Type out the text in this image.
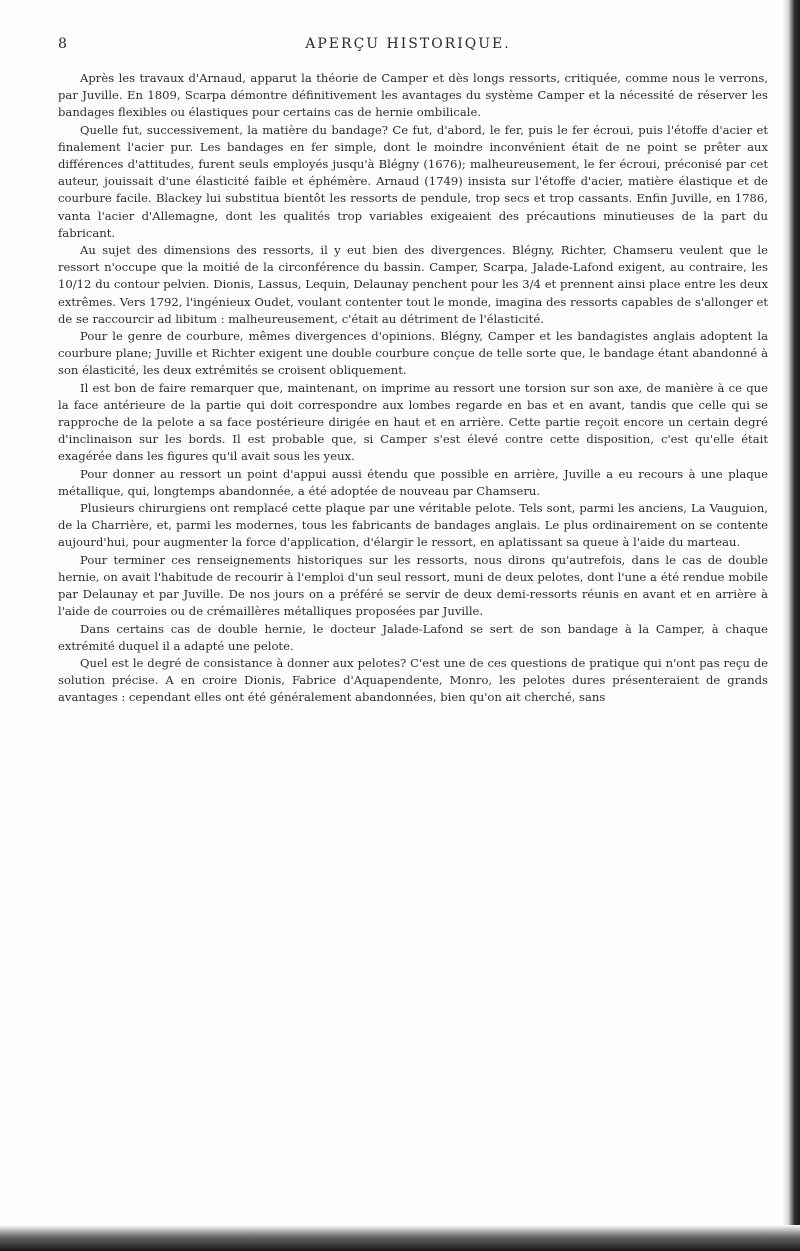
8	APERÇU HISTORIQUE.

Après les travaux d'Arnaud, apparut la théorie de Camper et dès longs ressorts, critiquée, comme nous le verrons, par Juville. En 1809, Scarpa démontre définitivement les avantages du système Camper et la nécessité de réserver les bandages flexibles ou élastiques pour certains cas de hernie ombilicale.

Quelle fut, successivement, la matière du bandage? Ce fut, d'abord, le fer, puis le fer écroui, puis l'étoffe d'acier et finalement l'acier pur. Les bandages en fer simple, dont le moindre inconvénient était de ne point se prêter aux différences d'attitudes, furent seuls employés jusqu'à Blégny (1676); malheureusement, le fer écroui, préconisé par cet auteur, jouissait d'une élasticité faible et éphémère. Arnaud (1749) insista sur l'étoffe d'acier, matière élastique et de courbure facile. Blackey lui substitua bientôt les ressorts de pendule, trop secs et trop cassants. Enfin Juville, en 1786, vanta l'acier d'Allemagne, dont les qualités trop variables exigeaient des précautions minutieuses de la part du fabricant.

Au sujet des dimensions des ressorts, il y eut bien des divergences. Blégny, Richter, Chamseru veulent que le ressort n'occupe que la moitié de la circonférence du bassin. Camper, Scarpa, Jalade-Lafond exigent, au contraire, les 10/12 du contour pelvien. Dionis, Lassus, Lequin, Delaunay penchent pour les 3/4 et prennent ainsi place entre les deux extrêmes. Vers 1792, l'ingénieux Oudet, voulant contenter tout le monde, imagina des ressorts capables de s'allonger et de se raccourcir ad libitum : malheureusement, c'était au détriment de l'élasticité.

Pour le genre de courbure, mêmes divergences d'opinions. Blégny, Camper et les bandagistes anglais adoptent la courbure plane; Juville et Richter exigent une double courbure conçue de telle sorte que, le bandage étant abandonné à son élasticité, les deux extrémités se croisent obliquement.

Il est bon de faire remarquer que, maintenant, on imprime au ressort une torsion sur son axe, de manière à ce que la face antérieure de la partie qui doit correspondre aux lombes regarde en bas et en avant, tandis que celle qui se rapproche de la pelote a sa face postérieure dirigée en haut et en arrière. Cette partie reçoit encore un certain degré d'inclinaison sur les bords. Il est probable que, si Camper s'est élevé contre cette disposition, c'est qu'elle était exagérée dans les figures qu'il avait sous les yeux.

Pour donner au ressort un point d'appui aussi étendu que possible en arrière, Juville a eu recours à une plaque métallique, qui, longtemps abandonnée, a été adoptée de nouveau par Chamseru.

Plusieurs chirurgiens ont remplacé cette plaque par une véritable pelote. Tels sont, parmi les anciens, La Vauguion, de la Charrière, et, parmi les modernes, tous les fabricants de bandages anglais. Le plus ordinairement on se contente aujourd'hui, pour augmenter la force d'application, d'élargir le ressort, en aplatissant sa queue à l'aide du marteau.

Pour terminer ces renseignements historiques sur les ressorts, nous dirons qu'autrefois, dans le cas de double hernie, on avait l'habitude de recourir à l'emploi d'un seul ressort, muni de deux pelotes, dont l'une a été rendue mobile par Delaunay et par Juville. De nos jours on a préféré se servir de deux demi-ressorts réunis en avant et en arrière à l'aide de courroies ou de crémaillères métalliques proposées par Juville.

Dans certains cas de double hernie, le docteur Jalade-Lafond se sert de son bandage à la Camper, à chaque extrémité duquel il a adapté une pelote.

Quel est le degré de consistance à donner aux pelotes? C'est une de ces questions de pratique qui n'ont pas reçu de solution précise. A en croire Dionis, Fabrice d'Aquapendente, Monro, les pelotes dures présenteraient de grands avantages : cependant elles ont été généralement abandonnées, bien qu'on ait cherché, sans
